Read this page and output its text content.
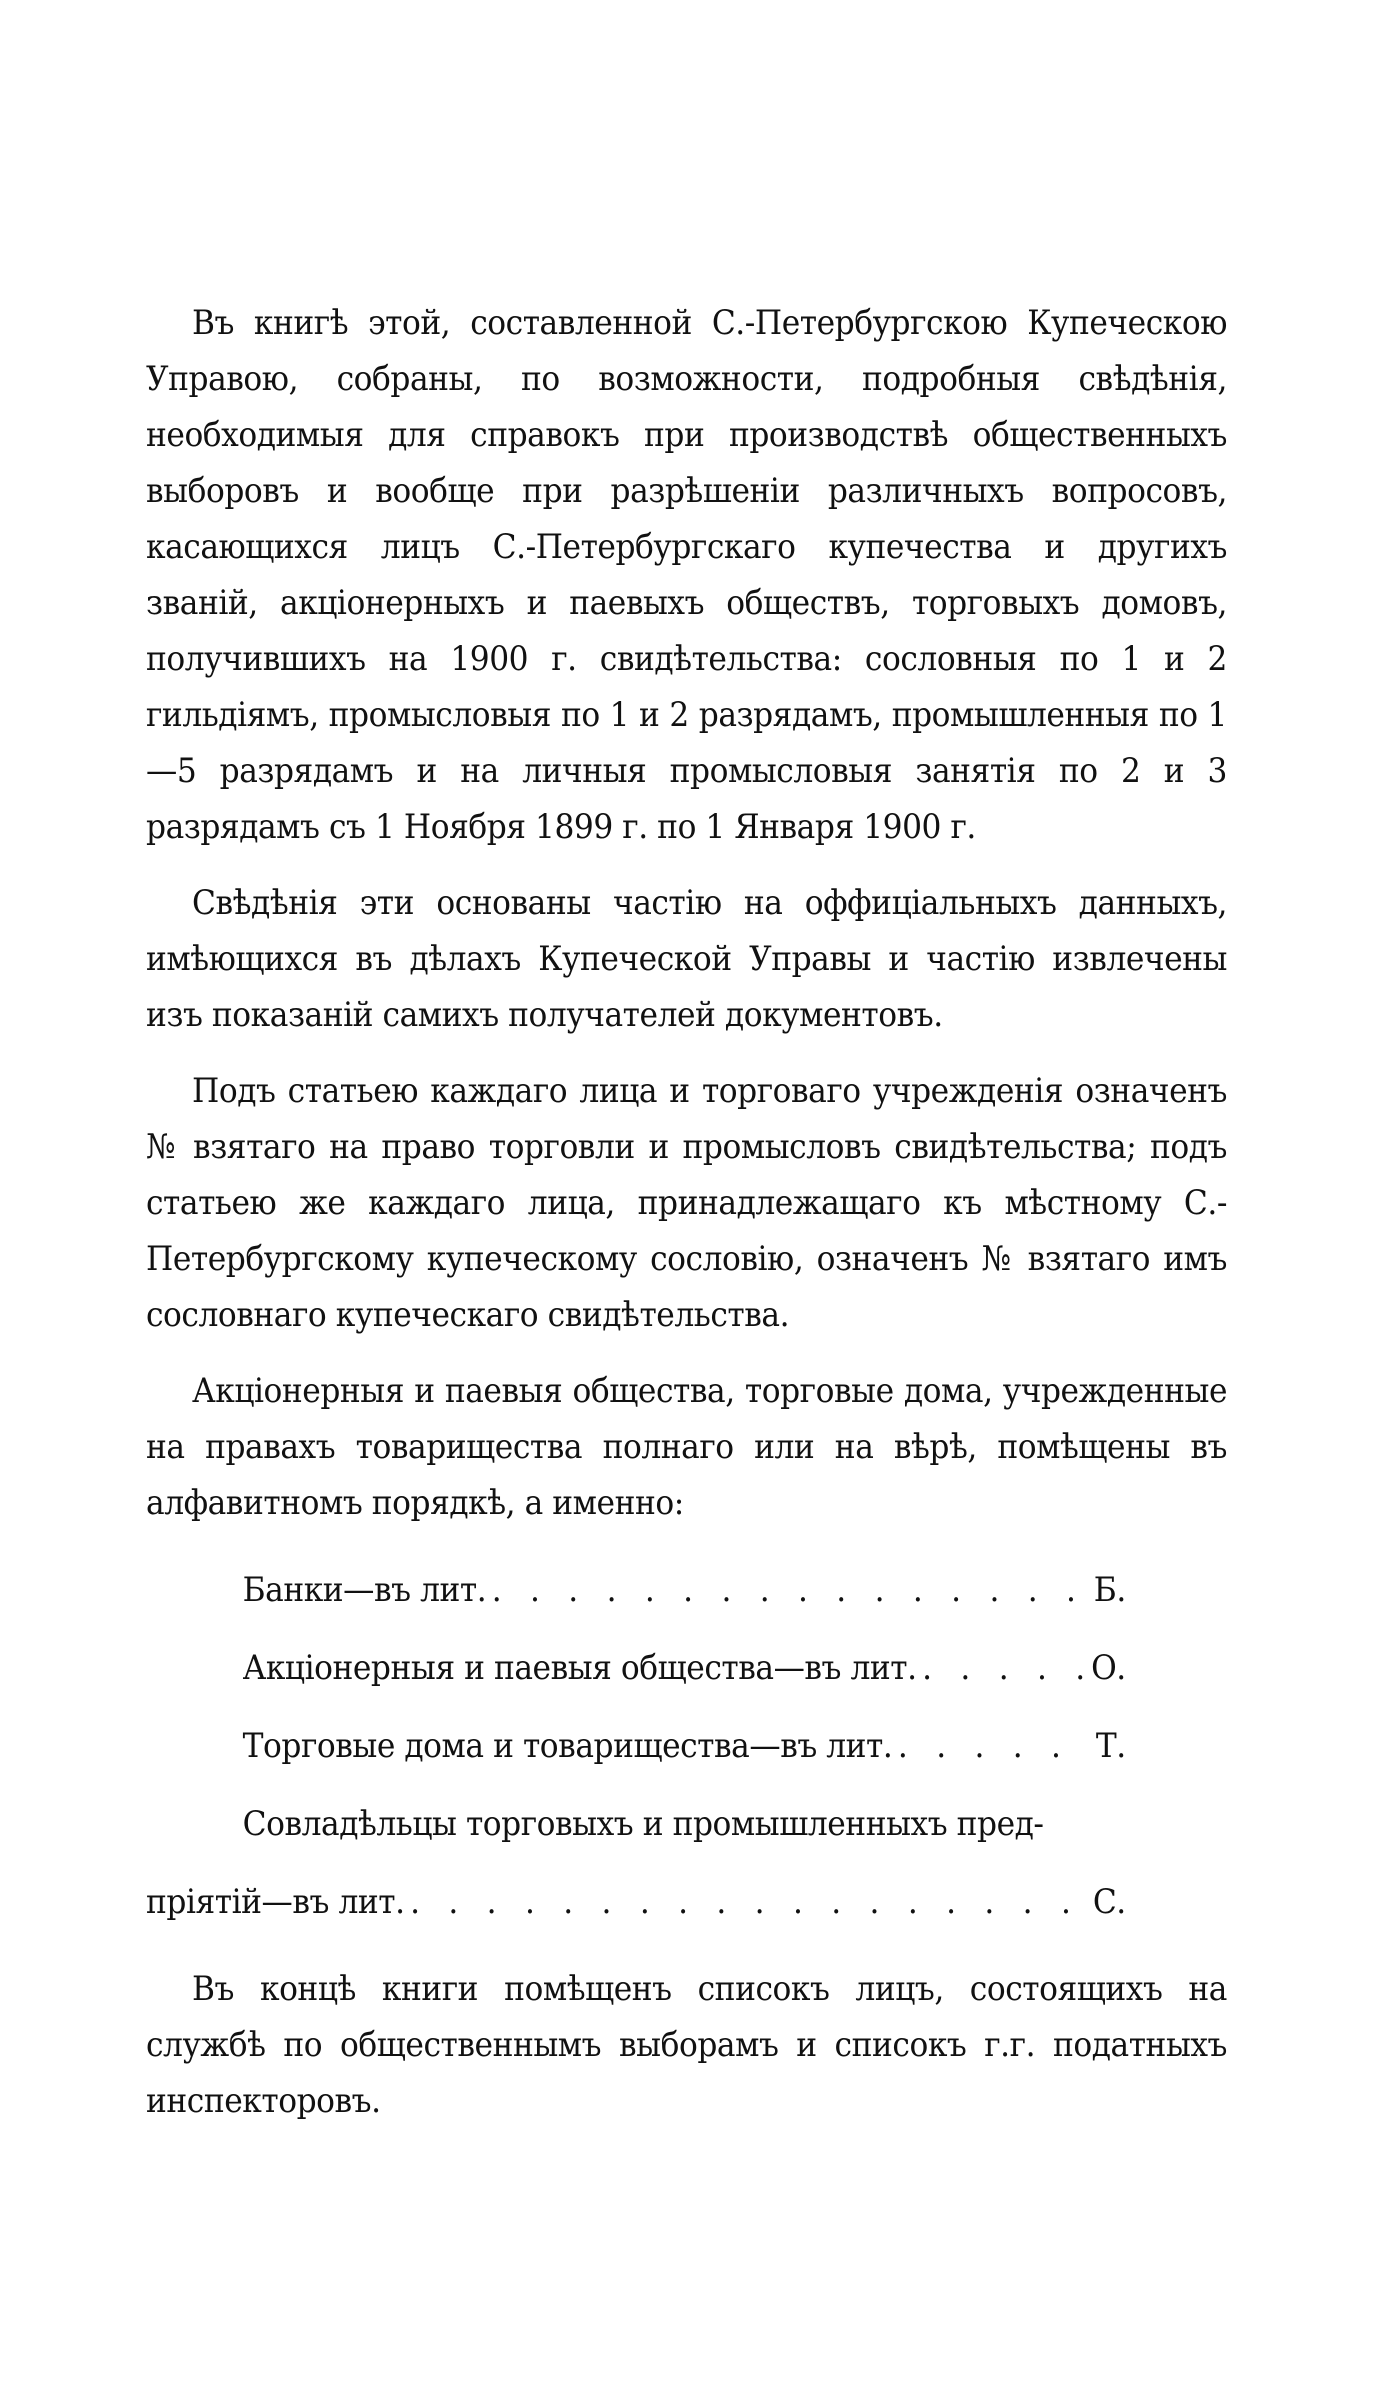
Въ книгѣ этой, составленной С.-Петербургскою Купеческою Управою, собраны, по возможности, подробныя свѣдѣнія, необходимыя для справокъ при производствѣ общественныхъ выборовъ и вообще при разрѣшеніи различныхъ вопросовъ, касающихся лицъ С.-Петербургскаго купечества и другихъ званій, акціонерныхъ и паевыхъ обществъ, торговыхъ домовъ, получившихъ на 1900 г. свидѣтельства: сословныя по 1 и 2 гильдіямъ, промысловыя по 1 и 2 разрядамъ, промышленныя по 1—5 разрядамъ и на личныя промысловыя занятія по 2 и 3 разрядамъ съ 1 Ноября 1899 г. по 1 Января 1900 г.

Свѣдѣнія эти основаны частію на оффиціальныхъ данныхъ, имѣющихся въ дѣлахъ Купеческой Управы и частію извлечены изъ показаній самихъ получателей документовъ.

Подъ статьею каждаго лица и торговаго учрежденія означенъ № взятаго на право торговли и промысловъ свидѣтельства; подъ статьею же каждаго лица, принадлежащаго къ мѣстному С.-Петербургскому купеческому сословію, означенъ № взятаго имъ сословнаго купеческаго свидѣтельства.

Акціонерныя и паевыя общества, торговые дома, учрежденные на правахъ товарищества полнаго или на вѣрѣ, помѣщены въ алфавитномъ порядкѣ, а именно:

Банки—въ лит. . . .	Б.
Акціонерныя и паевыя общества—въ лит. . . .	О.
Торговые дома и товарищества—въ лит. . . .	Т.
Совладѣльцы торговыхъ и промышленныхъ пред-
пріятій—въ лит. . . .	С.

Въ концѣ книги помѣщенъ списокъ лицъ, состоящихъ на службѣ по общественнымъ выборамъ и списокъ г.г. податныхъ инспекторовъ.
